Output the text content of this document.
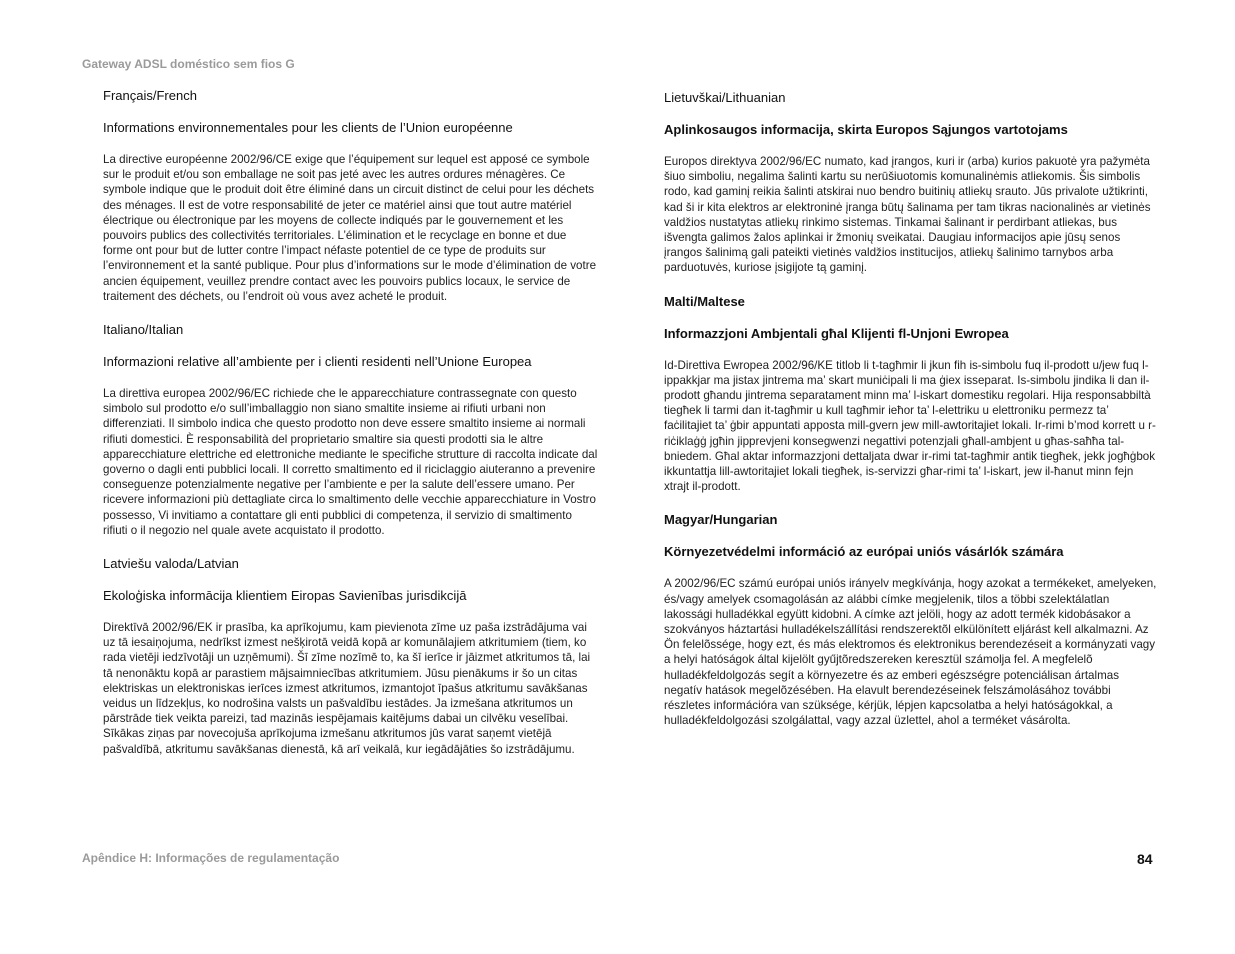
Gateway ADSL doméstico sem fios G

Français/French

Informations environnementales pour les clients de l’Union européenne

La directive européenne 2002/96/CE exige que l’équipement sur lequel est apposé ce symbole sur le produit et/ou son emballage ne soit pas jeté avec les autres ordures ménagères. Ce symbole indique que le produit doit être éliminé dans un circuit distinct de celui pour les déchets des ménages. Il est de votre responsabilité de jeter ce matériel ainsi que tout autre matériel électrique ou électronique par les moyens de collecte indiqués par le gouvernement et les pouvoirs publics des collectivités territoriales. L’élimination et le recyclage en bonne et due forme ont pour but de lutter contre l’impact néfaste potentiel de ce type de produits sur l’environnement et la santé publique. Pour plus d’informations sur le mode d’élimination de votre ancien équipement, veuillez prendre contact avec les pouvoirs publics locaux, le service de traitement des déchets, ou l’endroit où vous avez acheté le produit.

Italiano/Italian

Informazioni relative all’ambiente per i clienti residenti nell’Unione Europea

La direttiva europea 2002/96/EC richiede che le apparecchiature contrassegnate con questo simbolo sul prodotto e/o sull’imballaggio non siano smaltite insieme ai rifiuti urbani non differenziati. Il simbolo indica che questo prodotto non deve essere smaltito insieme ai normali rifiuti domestici. È responsabilità del proprietario smaltire sia questi prodotti sia le altre apparecchiature elettriche ed elettroniche mediante le specifiche strutture di raccolta indicate dal governo o dagli enti pubblici locali. Il corretto smaltimento ed il riciclaggio aiuteranno a prevenire conseguenze potenzialmente negative per l’ambiente e per la salute dell’essere umano. Per ricevere informazioni più dettagliate circa lo smaltimento delle vecchie apparecchiature in Vostro possesso, Vi invitiamo a contattare gli enti pubblici di competenza, il servizio di smaltimento rifiuti o il negozio nel quale avete acquistato il prodotto.

Latviešu valoda/Latvian

Ekoloģiska informācija klientiem Eiropas Savienības jurisdikcijā

Direktīvā 2002/96/EK ir prasība, ka aprīkojumu, kam pievienota zīme uz paša izstrādājuma vai uz tā iesaiņojuma, nedrīkst izmest nešķirotā veidā kopā ar komunālajiem atkritumiem (tiem, ko rada vietēji iedzīvotāji un uzņēmumi). Šī zīme nozīmē to, ka šī ierīce ir jāizmet atkritumos tā, lai tā nenonāktu kopā ar parastiem mājsaimniecības atkritumiem. Jūsu pienākums ir šo un citas elektriskas un elektroniskas ierīces izmest atkritumos, izmantojot īpašus atkritumu savākšanas veidus un līdzekļus, ko nodrošina valsts un pašvaldību iestādes. Ja izmešana atkritumos un pārstrāde tiek veikta pareizi, tad mazinās iespējamais kaitējums dabai un cilvēku veselībai. Sīkākas ziņas par novecojuša aprīkojuma izmešanu atkritumos jūs varat saņemt vietējā pašvaldībā, atkritumu savākšanas dienestā, kā arī veikalā, kur iegādājāties šo izstrādājumu.

Lietuvškai/Lithuanian

Aplinkosaugos informacija, skirta Europos Sąjungos vartotojams

Europos direktyva 2002/96/EC numato, kad įrangos, kuri ir (arba) kurios pakuotė yra pažymėta šiuo simboliu, negalima šalinti kartu su nerūšiuotomis komunalinėmis atliekomis. Šis simbolis rodo, kad gaminį reikia šalinti atskirai nuo bendro buitinių atliekų srauto. Jūs privalote užtikrinti, kad ši ir kita elektros ar elektroninė įranga būtų šalinama per tam tikras nacionalinės ar vietinės valdžios nustatytas atliekų rinkimo sistemas. Tinkamai šalinant ir perdirbant atliekas, bus išvengta galimos žalos aplinkai ir žmonių sveikatai. Daugiau informacijos apie jūsų senos įrangos šalinimą gali pateikti vietinės valdžios institucijos, atliekų šalinimo tarnybos arba parduotuvės, kuriose įsigijote tą gaminį.

Malti/Maltese

Informazzjoni Ambjentali għal Klijenti fl-Unjoni Ewropea

Id-Direttiva Ewropea 2002/96/KE titlob li t-tagħmir li jkun fih is-simbolu fuq il-prodott u/jew fuq l-ippakkjar ma jistax jintrema ma’ skart muniċipali li ma ġiex isseparat. Is-simbolu jindika li dan il-prodott għandu jintrema separatament minn ma’ l-iskart domestiku regolari. Hija responsabbiltà tiegħek li tarmi dan it-tagħmir u kull tagħmir ieħor ta’ l-elettriku u elettroniku permezz ta’ faċilitajiet ta’ ġbir appuntati apposta mill-gvern jew mill-awtoritajiet lokali. Ir-rimi b’mod korrett u r-riċiklaġġ jgħin jipprevjeni konsegwenzi negattivi potenzjali għall-ambjent u għas-saħħa tal-bniedem. Għal aktar informazzjoni dettaljata dwar ir-rimi tat-tagħmir antik tiegħek, jekk jogħġbok ikkuntattja lill-awtoritajiet lokali tiegħek, is-servizzi għar-rimi ta’ l-iskart, jew il-ħanut minn fejn xtrajt il-prodott.

Magyar/Hungarian

Környezetvédelmi információ az európai uniós vásárlók számára

A 2002/96/EC számú európai uniós irányelv megkívánja, hogy azokat a termékeket, amelyeken, és/vagy amelyek csomagolásán az alábbi címke megjelenik, tilos a többi szelektálatlan lakossági hulladékkal együtt kidobni. A címke azt jelöli, hogy az adott termék kidobásakor a szokványos háztartási hulladékelszállítási rendszerektõl elkülönített eljárást kell alkalmazni. Az Ön felelõssége, hogy ezt, és más elektromos és elektronikus berendezéseit a kormányzati vagy a helyi hatóságok által kijelölt gyűjtõredszereken keresztül számolja fel. A megfelelõ hulladékfeldolgozás segít a környezetre és az emberi egészségre potenciálisan ártalmas negatív hatások megelõzésében. Ha elavult berendezéseinek felszámolásához további részletes információra van szüksége, kérjük, lépjen kapcsolatba a helyi hatóságokkal, a hulladékfeldolgozási szolgálattal, vagy azzal üzlettel, ahol a terméket vásárolta.

Apêndice H: Informações de regulamentação	84
